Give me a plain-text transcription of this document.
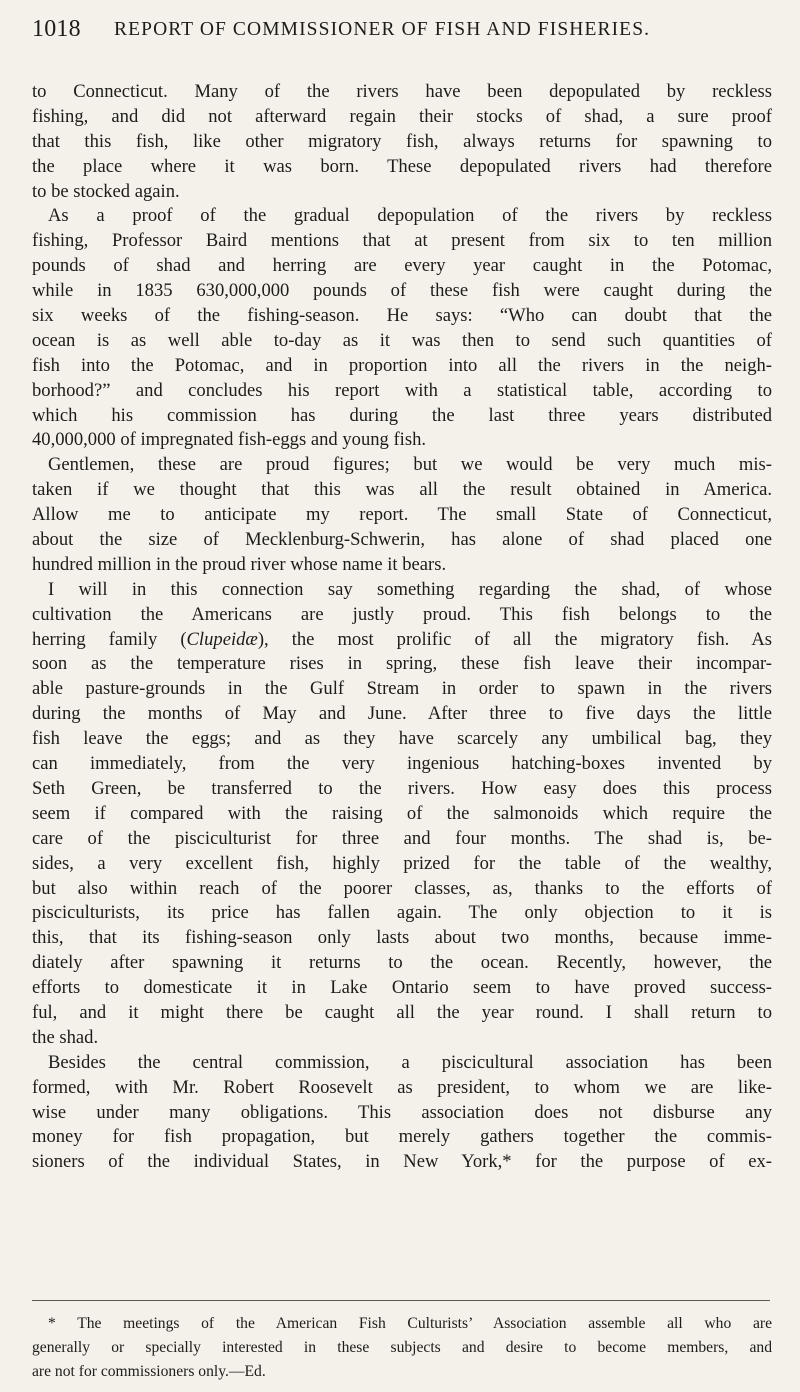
1018 REPORT OF COMMISSIONER OF FISH AND FISHERIES.
to Connecticut. Many of the rivers have been depopulated by reckless
fishing, and did not afterward regain their stocks of shad, a sure proof
that this fish, like other migratory fish, always returns for spawning to
the place where it was born. These depopulated rivers had therefore
to be stocked again.
As a proof of the gradual depopulation of the rivers by reckless
fishing, Professor Baird mentions that at present from six to ten million
pounds of shad and herring are every year caught in the Potomac,
while in 1835 630,000,000 pounds of these fish were caught during the
six weeks of the fishing-season. He says: “Who can doubt that the
ocean is as well able to-day as it was then to send such quantities of
fish into the Potomac, and in proportion into all the rivers in the neigh-
borhood?” and concludes his report with a statistical table, according to
which his commission has during the last three years distributed
40,000,000 of impregnated fish-eggs and young fish.
Gentlemen, these are proud figures; but we would be very much mis-
taken if we thought that this was all the result obtained in America.
Allow me to anticipate my report. The small State of Connecticut,
about the size of Mecklenburg-Schwerin, has alone of shad placed one
hundred million in the proud river whose name it bears.
I will in this connection say something regarding the shad, of whose
cultivation the Americans are justly proud. This fish belongs to the
herring family (Clupeidæ), the most prolific of all the migratory fish. As
soon as the temperature rises in spring, these fish leave their incompar-
able pasture-grounds in the Gulf Stream in order to spawn in the rivers
during the months of May and June. After three to five days the little
fish leave the eggs; and as they have scarcely any umbilical bag, they
can immediately, from the very ingenious hatching-boxes invented by
Seth Green, be transferred to the rivers. How easy does this process
seem if compared with the raising of the salmonoids which require the
care of the pisciculturist for three and four months. The shad is, be-
sides, a very excellent fish, highly prized for the table of the wealthy,
but also within reach of the poorer classes, as, thanks to the efforts of
pisciculturists, its price has fallen again. The only objection to it is
this, that its fishing-season only lasts about two months, because imme-
diately after spawning it returns to the ocean. Recently, however, the
efforts to domesticate it in Lake Ontario seem to have proved success-
ful, and it might there be caught all the year round. I shall return to
the shad.
Besides the central commission, a piscicultural association has been
formed, with Mr. Robert Roosevelt as president, to whom we are like-
wise under many obligations. This association does not disburse any
money for fish propagation, but merely gathers together the commis-
sioners of the individual States, in New York,* for the purpose of ex-
* The meetings of the American Fish Culturists’ Association assemble all who are
generally or specially interested in these subjects and desire to become members, and
are not for commissioners only.—Ed.
